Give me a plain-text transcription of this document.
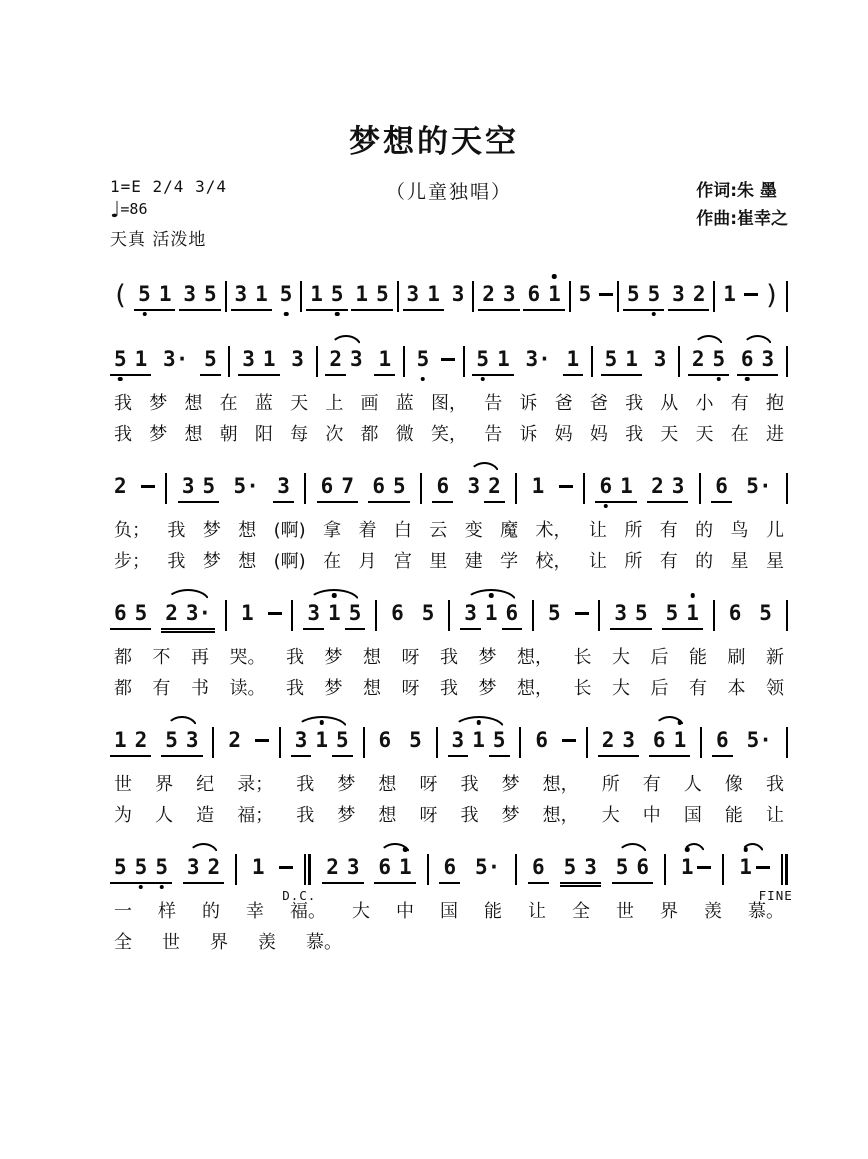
梦想的天空
1=E 2/4 3/4
♩=86
天真 活泼地
（儿童独唱）	作词:朱 墨
作曲:崔幸之
( 5 1 3 5 3 1 5 1 5 1 5 3 1 3 2 3 6 1 5 5 5 3 2 1 )
5 1 3· 5 3 1 3 2 3 1 5 5 1 3· 1 5 1 3 2 5 6 3
我 梦 想 在 蓝 天 上 画 蓝 图， 告 诉 爸 爸 我 从 小 有 抱
我 梦 想 朝 阳 每 次 都 微 笑， 告 诉 妈 妈 我 天 天 在 进
2	3 5 5· 3 6 7 6 5 6 3 2 1	6 1 2 3 6 5·
负； 我 梦 想 (啊) 拿 着 白 云 变 魔 术， 让 所 有 的 鸟 儿
步； 我 梦 想 (啊) 在 月 宫 里 建 学 校， 让 所 有 的 星 星
6 5 2 3· 1	3 1 5 6 5 3 1 6 5	3 5 5 1 6 5
都 不 再 哭。 我 梦 想 呀 我 梦 想， 长 大 后 能 刷 新
都 有 书 读。 我 梦 想 呀 我 梦 想， 长 大 后 有 本 领
1 2 5 3 2	3 1 5 6 5 3 1 5 6	2 3 6 1 6 5·
世 界 纪 录； 我 梦 想 呀 我 梦 想， 所 有 人 像 我
为 人 造 福； 我 梦 想 呀 我 梦 想， 大 中 国 能 让
5 5 5 3 2 1
D.C.
2 3 6 1 6 5· 6 5 3 5 6 1 1
FINE
一 样 的 幸 福。 大 中 国 能 让 全 世 界 羡 慕。
全 世 界 羡 慕。
